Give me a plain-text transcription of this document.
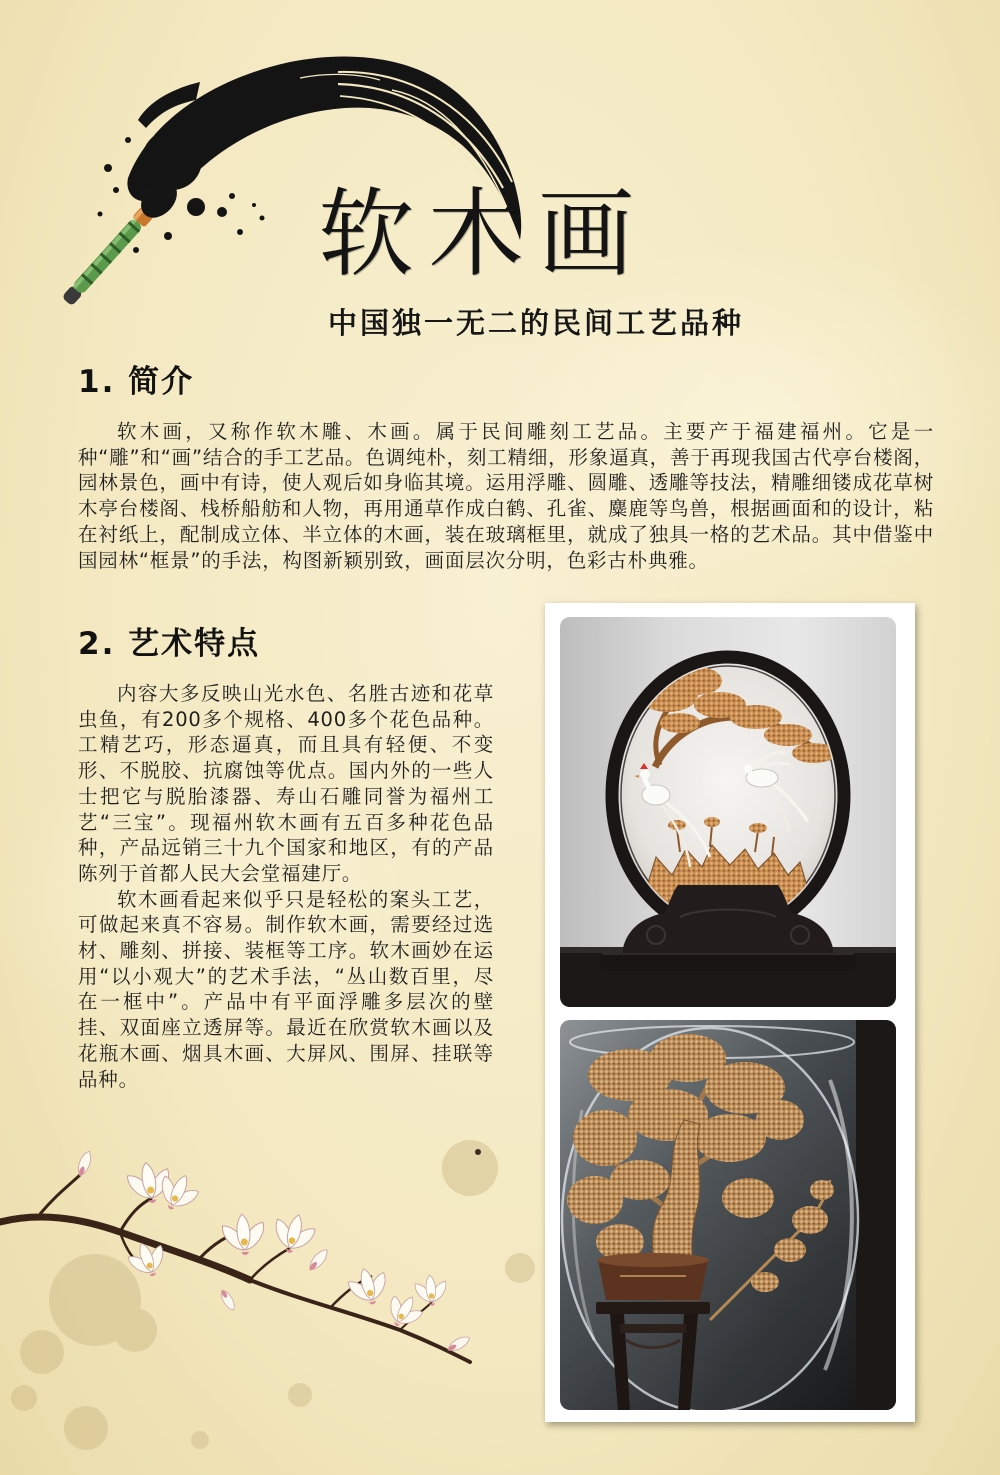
软木画
中国独一无二的民间工艺品种
1. 简介

软木画，又称作软木雕、木画。属于民间雕刻工艺品。主要产于福建福州。它是一种“雕”和“画”结合的手工艺品。色调纯朴，刻工精细，形象逼真，善于再现我国古代亭台楼阁，园林景色，画中有诗，使人观后如身临其境。运用浮雕、圆雕、透雕等技法，精雕细镂成花草树木亭台楼阁、栈桥船舫和人物，再用通草作成白鹤、孔雀、麋鹿等鸟兽，根据画面和的设计，粘在衬纸上，配制成立体、半立体的木画，装在玻璃框里，就成了独具一格的艺术品。其中借鉴中国园林“框景”的手法，构图新颖别致，画面层次分明，色彩古朴典雅。

2. 艺术特点

内容大多反映山光水色、名胜古迹和花草虫鱼，有200多个规格、400多个花色品种。工精艺巧，形态逼真，而且具有轻便、不变形、不脱胶、抗腐蚀等优点。国内外的一些人士把它与脱胎漆器、寿山石雕同誉为福州工艺“三宝”。现福州软木画有五百多种花色品种，产品远销三十九个国家和地区，有的产品陈列于首都人民大会堂福建厅。

软木画看起来似乎只是轻松的案头工艺，可做起来真不容易。制作软木画，需要经过选材、雕刻、拼接、装框等工序。软木画妙在运用“以小观大”的艺术手法，“丛山数百里，尽在一框中”。产品中有平面浮雕多层次的壁挂、双面座立透屏等。最近在欣赏软木画以及花瓶木画、烟具木画、大屏风、围屏、挂联等品种。
